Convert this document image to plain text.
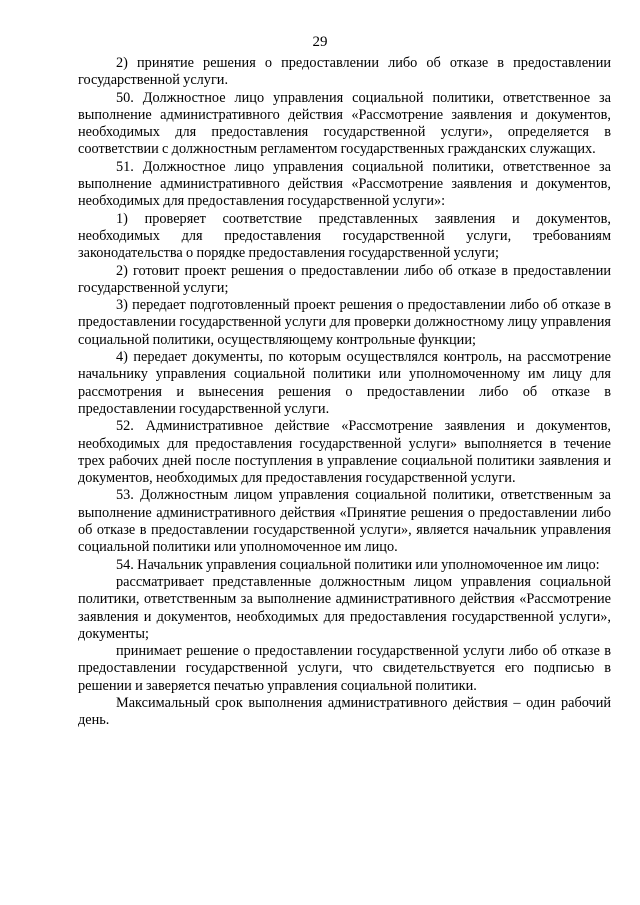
29

2) принятие решения о предоставлении либо об отказе в предоставлении государственной услуги.

50. Должностное лицо управления социальной политики, ответственное за выполнение административного действия «Рассмотрение заявления и документов, необходимых для предоставления государственной услуги», определяется в соответствии с должностным регламентом государственных гражданских служащих.

51. Должностное лицо управления социальной политики, ответственное за выполнение административного действия «Рассмотрение заявления и документов, необходимых для предоставления государственной услуги»:

1) проверяет соответствие представленных заявления и документов, необходимых для предоставления государственной услуги, требованиям законодательства о порядке предоставления государственной услуги;

2) готовит проект решения о предоставлении либо об отказе в предоставлении государственной услуги;

3) передает подготовленный проект решения о предоставлении либо об отказе в предоставлении государственной услуги для проверки должностному лицу управления социальной политики, осуществляющему контрольные функции;

4) передает документы, по которым осуществлялся контроль, на рассмотрение начальнику управления социальной политики или уполномоченному им лицу для рассмотрения и вынесения решения о предоставлении либо об отказе в предоставлении государственной услуги.

52. Административное действие «Рассмотрение заявления и документов, необходимых для предоставления государственной услуги» выполняется в течение трех рабочих дней после поступления в управление социальной политики заявления и документов, необходимых для предоставления государственной услуги.

53. Должностным лицом управления социальной политики, ответственным за выполнение административного действия «Принятие решения о предоставлении либо об отказе в предоставлении государственной услуги», является начальник управления социальной политики или уполномоченное им лицо.

54. Начальник управления социальной политики или уполномоченное им лицо:

рассматривает представленные должностным лицом управления социальной политики, ответственным за выполнение административного действия «Рассмотрение заявления и документов, необходимых для предоставления государственной услуги», документы;

принимает решение о предоставлении государственной услуги либо об отказе в предоставлении государственной услуги, что свидетельствуется его подписью в решении и заверяется печатью управления социальной политики.

Максимальный срок выполнения административного действия – один рабочий день.
